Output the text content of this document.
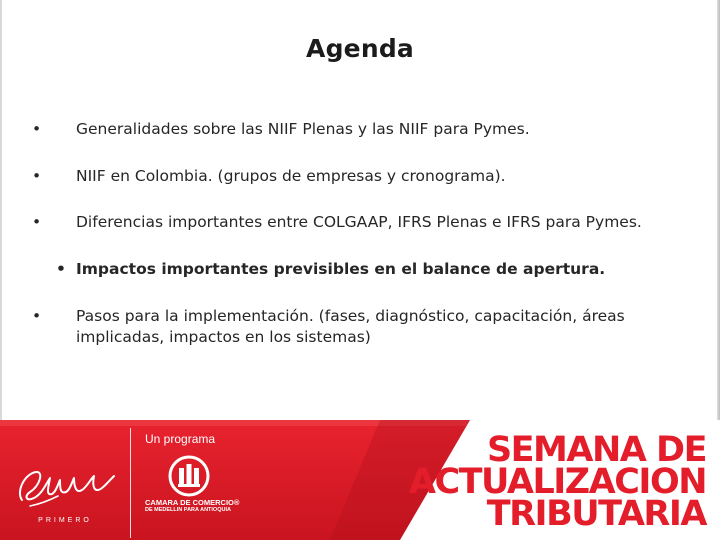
Agenda
• Generalidades sobre las NIIF Plenas y las NIIF para Pymes.
• NIIF en Colombia. (grupos de empresas y cronograma).
• Diferencias importantes entre COLGAAP, IFRS Plenas e IFRS para Pymes.
• Impactos importantes previsibles en el balance de apertura.
• Pasos para la implementación. (fases, diagnóstico, capacitación, áreas implicadas, impactos en los sistemas)
PRIMERO
Un programa
CAMARA DE COMERCIO®
DE MEDELLIN PARA ANTIOQUIA
SEMANA DE
ACTUALIZACION
TRIBUTARIA
